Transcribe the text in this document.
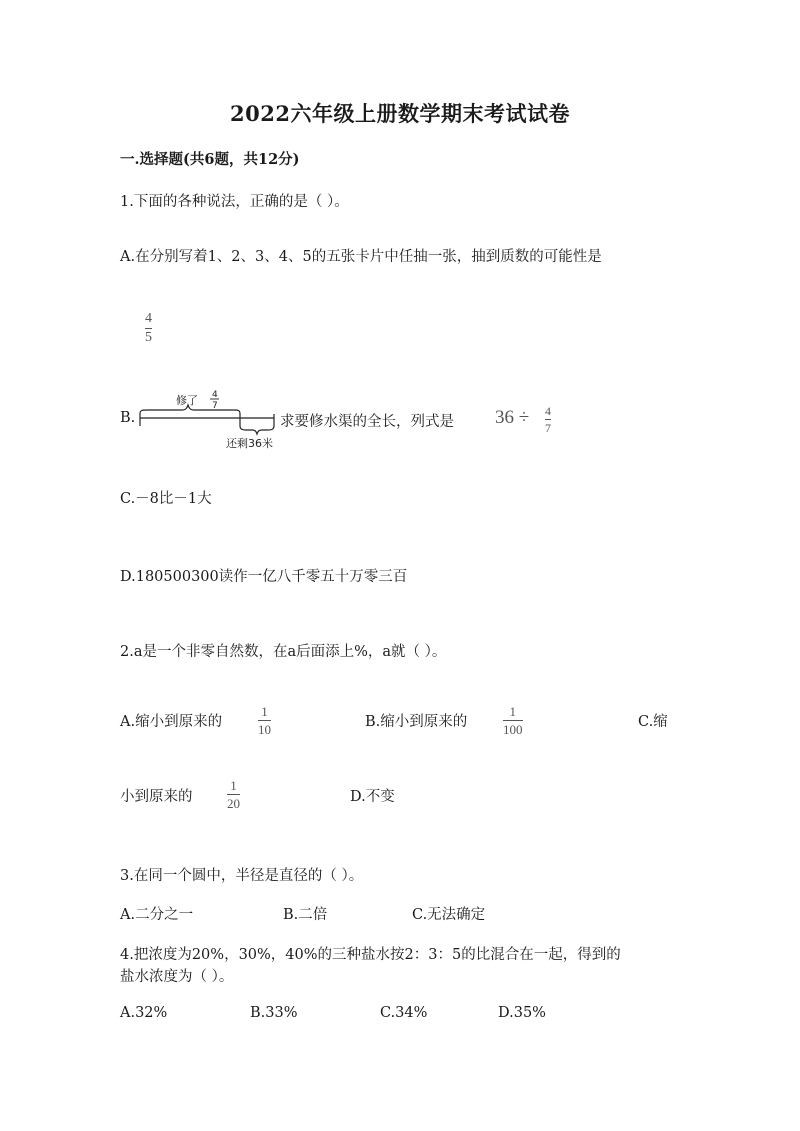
2022六年级上册数学期末考试试卷
一.选择题(共6题，共12分)
1.下面的各种说法，正确的是（ ）。
A.在分别写着1、2、3、4、5的五张卡片中任抽一张，抽到质数的可能性是
4
5
B.
修了 4
7
还剩36米
求要修水渠的全长，列式是 36 ÷ 4
7
C.－8比－1大
D.180500300读作一亿八千零五十万零三百
2.a是一个非零自然数，在a后面添上%，a就（ ）。
A.缩小到原来的
1
10	B.缩小到原来的
1
100	C.缩
小到原来的
1
20	D.不变
3.在同一个圆中，半径是直径的（ ）。
A.二分之一	B.二倍	C.无法确定
4.把浓度为20%，30%，40%的三种盐水按2：3：5的比混合在一起，得到的
盐水浓度为（ ）。
A.32%	B.33%	C.34%	D.35%
